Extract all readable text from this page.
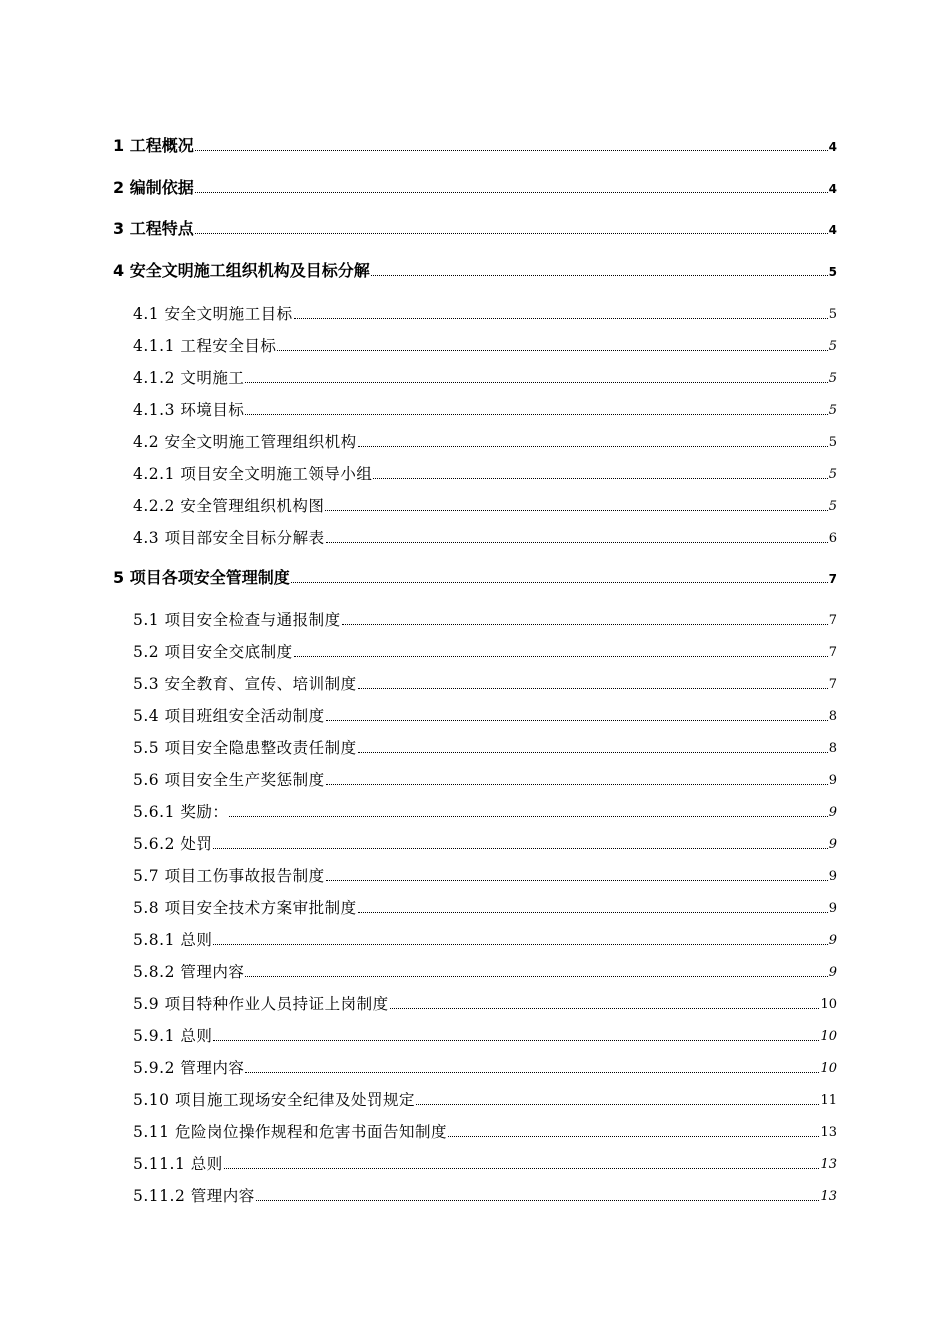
1 工程概况	4
2 编制依据	4
3 工程特点	4
4 安全文明施工组织机构及目标分解	5
4.1 安全文明施工目标	5
4.1.1 工程安全目标	5
4.1.2 文明施工	5
4.1.3 环境目标	5
4.2 安全文明施工管理组织机构	5
4.2.1 项目安全文明施工领导小组	5
4.2.2 安全管理组织机构图	5
4.3 项目部安全目标分解表	6
5 项目各项安全管理制度	7
5.1 项目安全检查与通报制度	7
5.2 项目安全交底制度	7
5.3 安全教育、宣传、培训制度	7
5.4 项目班组安全活动制度	8
5.5 项目安全隐患整改责任制度	8
5.6 项目安全生产奖惩制度	9
5.6.1 奖励：	9
5.6.2 处罚	9
5.7 项目工伤事故报告制度	9
5.8 项目安全技术方案审批制度	9
5.8.1 总则	9
5.8.2 管理内容	9
5.9 项目特种作业人员持证上岗制度	10
5.9.1 总则	10
5.9.2 管理内容	10
5.10 项目施工现场安全纪律及处罚规定	11
5.11 危险岗位操作规程和危害书面告知制度	13
5.11.1 总则	13
5.11.2 管理内容	13
